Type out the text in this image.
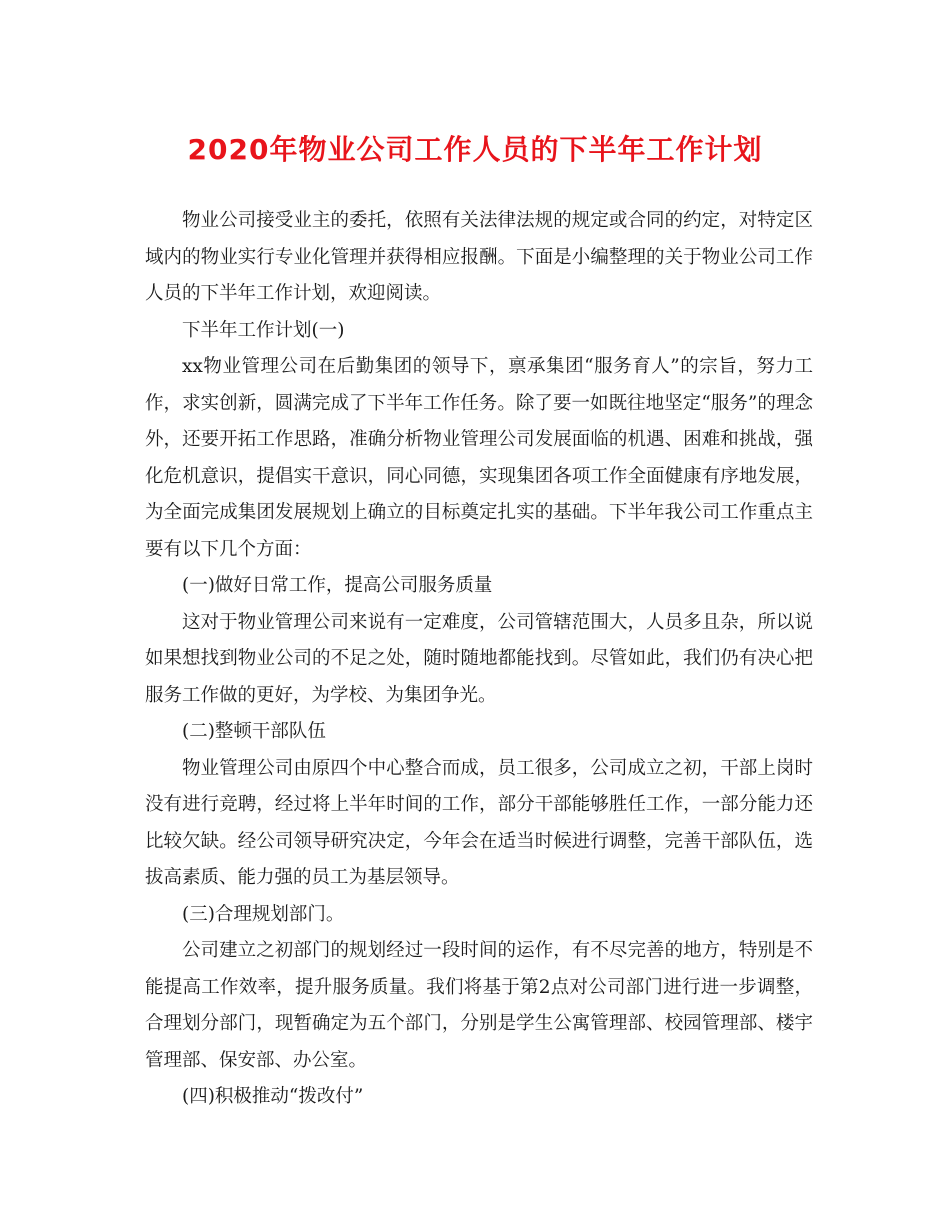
2020年物业公司工作人员的下半年工作计划

物业公司接受业主的委托，依照有关法律法规的规定或合同的约定，对特定区域内的物业实行专业化管理并获得相应报酬。下面是小编整理的关于物业公司工作人员的下半年工作计划，欢迎阅读。

下半年工作计划(一)

xx物业管理公司在后勤集团的领导下，禀承集团“服务育人”的宗旨，努力工作，求实创新，圆满完成了下半年工作任务。除了要一如既往地坚定“服务”的理念外，还要开拓工作思路，准确分析物业管理公司发展面临的机遇、困难和挑战，强化危机意识，提倡实干意识，同心同德，实现集团各项工作全面健康有序地发展，为全面完成集团发展规划上确立的目标奠定扎实的基础。下半年我公司工作重点主要有以下几个方面：

(一)做好日常工作，提高公司服务质量

这对于物业管理公司来说有一定难度，公司管辖范围大，人员多且杂，所以说如果想找到物业公司的不足之处，随时随地都能找到。尽管如此，我们仍有决心把服务工作做的更好，为学校、为集团争光。

(二)整顿干部队伍

物业管理公司由原四个中心整合而成，员工很多，公司成立之初，干部上岗时没有进行竞聘，经过将上半年时间的工作，部分干部能够胜任工作，一部分能力还比较欠缺。经公司领导研究决定，今年会在适当时候进行调整，完善干部队伍，选拔高素质、能力强的员工为基层领导。

(三)合理规划部门。

公司建立之初部门的规划经过一段时间的运作，有不尽完善的地方，特别是不能提高工作效率，提升服务质量。我们将基于第2点对公司部门进行进一步调整，合理划分部门，现暂确定为五个部门，分别是学生公寓管理部、校园管理部、楼宇管理部、保安部、办公室。

(四)积极推动“拨改付”
